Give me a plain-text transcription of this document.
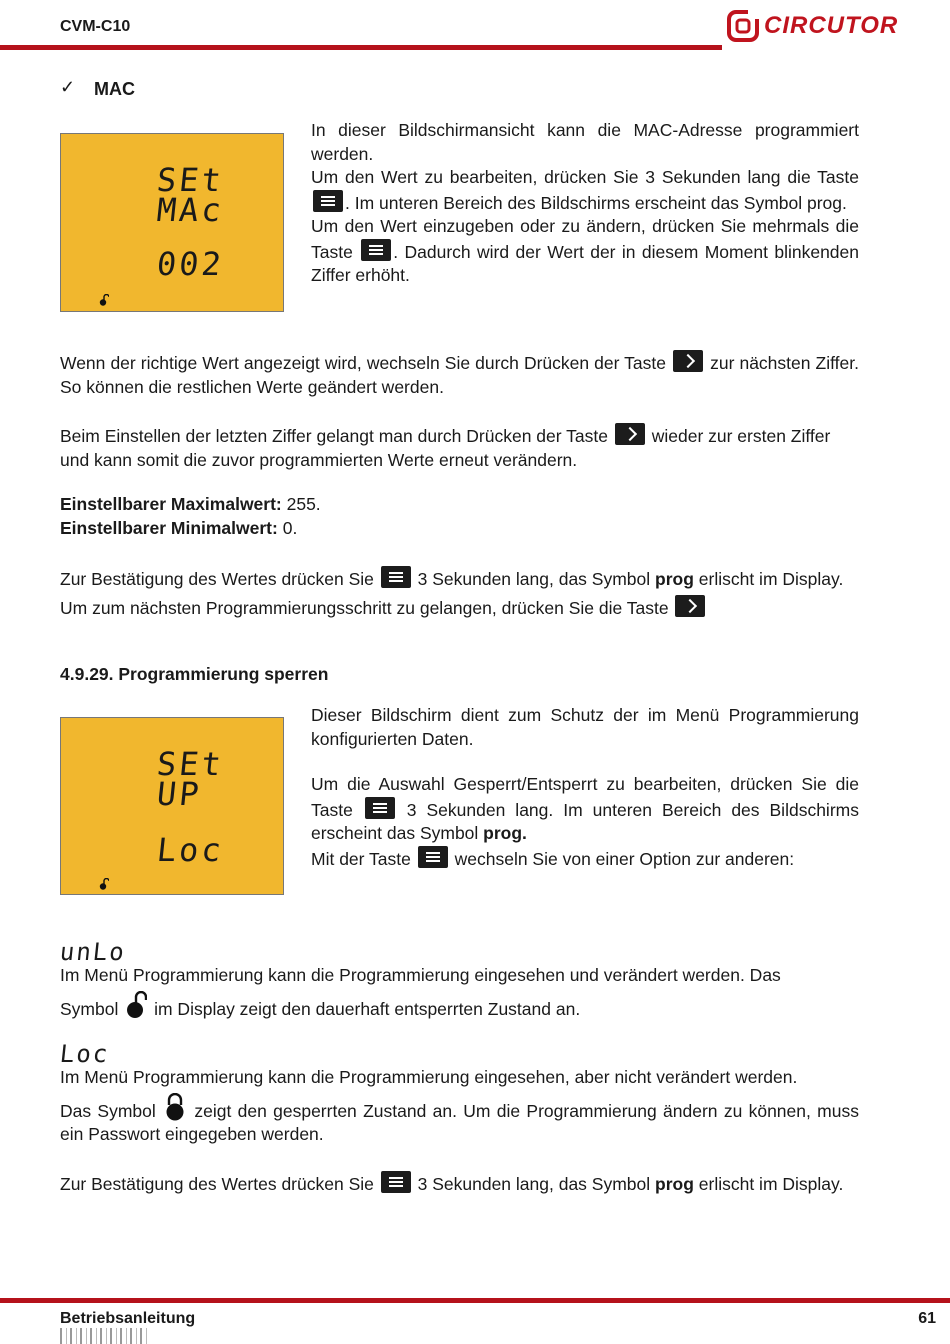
CVM-C10	CIRCUTOR
✓ MAC
SEt
MAc
002
In dieser Bildschirmansicht kann die MAC-Adresse programmiert werden.
Um den Wert zu bearbeiten, drücken Sie 3 Sekunden lang die Taste . Im unteren Bereich des Bildschirms erscheint das Symbol prog.
Um den Wert einzugeben oder zu ändern, drücken Sie mehrmals die Taste . Dadurch wird der Wert der in diesem Moment blinkenden Ziffer erhöht.
Wenn der richtige Wert angezeigt wird, wechseln Sie durch Drücken der Taste	zur nächsten Ziffer. So können die restlichen Werte geändert werden.
Beim Einstellen der letzten Ziffer gelangt man durch Drücken der Taste	wieder zur ersten Ziffer und kann somit die zuvor programmierten Werte erneut verändern.
Einstellbarer Maximalwert: 255.
Einstellbarer Minimalwert: 0.
Zur Bestätigung des Wertes drücken Sie	3 Sekunden lang, das Symbol prog erlischt im Display.
Um zum nächsten Programmierungsschritt zu gelangen, drücken Sie die Taste
4.9.29. Programmierung sperren
SEt
UP
Loc
Dieser Bildschirm dient zum Schutz der im Menü Programmierung konfigurierten Daten.
Um die Auswahl Gesperrt/Entsperrt zu bearbeiten, drücken Sie die Taste	3 Sekunden lang. Im unteren Bereich des Bildschirms erscheint das Symbol prog.
Mit der Taste	wechseln Sie von einer Option zur anderen:
unLo
Im Menü Programmierung kann die Programmierung eingesehen und verändert werden. Das
Symbol im Display zeigt den dauerhaft entsperrten Zustand an.
Loc
Im Menü Programmierung kann die Programmierung eingesehen, aber nicht verändert werden.
Das Symbol zeigt den gesperrten Zustand an. Um die Programmierung ändern zu können, muss ein Passwort eingegeben werden.
Zur Bestätigung des Wertes drücken Sie	3 Sekunden lang, das Symbol prog erlischt im Display.
Betriebsanleitung	61
